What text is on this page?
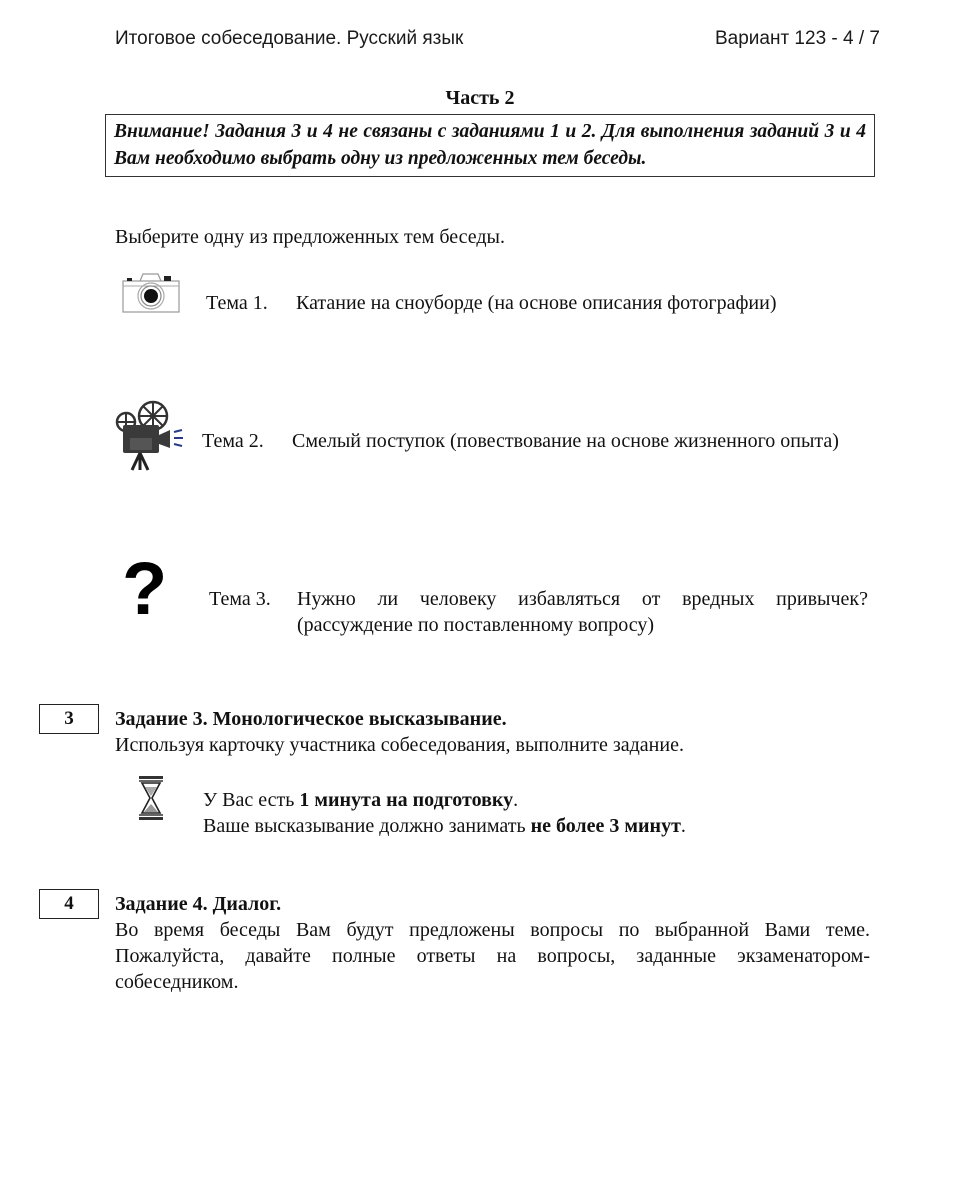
Итоговое собеседование. Русский язык	Вариант 123 - 4 / 7
Часть 2
Внимание! Задания 3 и 4 не связаны с заданиями 1 и 2. Для выполнения заданий 3 и 4 Вам необходимо выбрать одну из предложенных тем беседы.
Выберите одну из предложенных тем беседы.
Тема 1. Катание на сноуборде (на основе описания фотографии)
Тема 2. Смелый поступок (повествование на основе жизненного опыта)
? Тема 3. Нужно ли человеку избавляться от вредных привычек? (рассуждение по поставленному вопросу)
3	Задание 3. Монологическое высказывание.
Используя карточку участника собеседования, выполните задание.
У Вас есть 1 минута на подготовку.
Ваше высказывание должно занимать не более 3 минут.
4	Задание 4. Диалог.
Во время беседы Вам будут предложены вопросы по выбранной Вами теме. Пожалуйста, давайте полные ответы на вопросы, заданные экзаменатором-собеседником.
